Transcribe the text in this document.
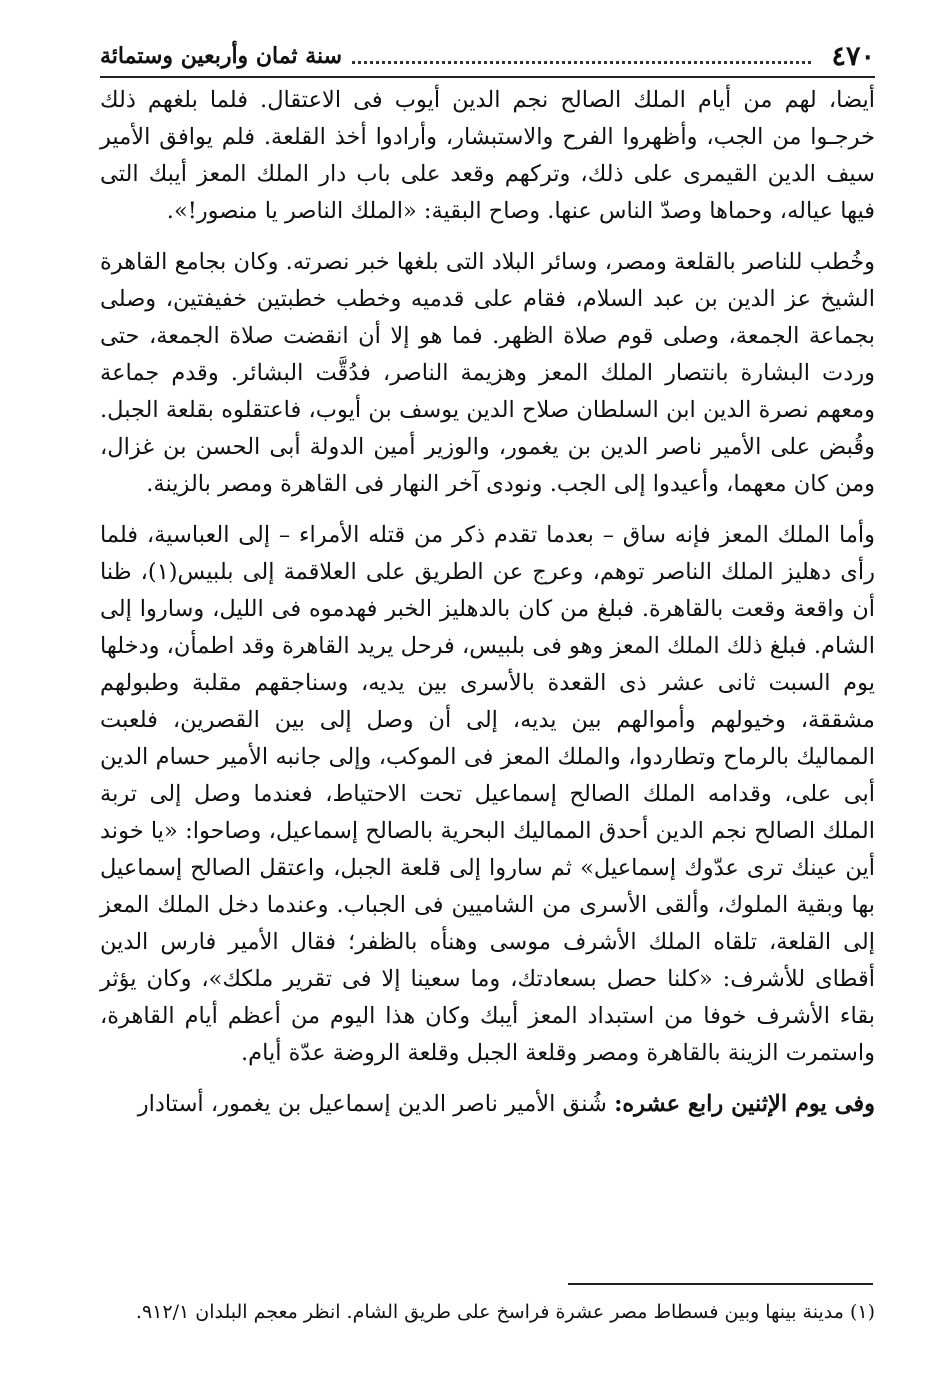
٤٧٠
سنة ثمان وأربعين وستمائة

أيضا، لهم من أيام الملك الصالح نجم الدين أيوب فى الاعتقال. فلما بلغهم ذلك خرجـوا من الجب، وأظهروا الفرح والاستبشار، وأرادوا أخذ القلعة. فلم يوافق الأمير سيف الدين القيمرى على ذلك، وتركهم وقعد على باب دار الملك المعز أيبك التى فيها عياله، وحماها وصدّ الناس عنها. وصاح البقية: «الملك الناصر يا منصور!».

وخُطب للناصر بالقلعة ومصر، وسائر البلاد التى بلغها خبر نصرته. وكان بجامع القاهرة الشيخ عز الدين بن عبد السلام، فقام على قدميه وخطب خطبتين خفيفتين، وصلى بجماعة الجمعة، وصلى قوم صلاة الظهر. فما هو إلا أن انقضت صلاة الجمعة، حتى وردت البشارة بانتصار الملك المعز وهزيمة الناصر، فدُقَّت البشائر. وقدم جماعة ومعهم نصرة الدين ابن السلطان صلاح الدين يوسف بن أيوب، فاعتقلوه بقلعة الجبل. وقُبض على الأمير ناصر الدين بن يغمور، والوزير أمين الدولة أبى الحسن بن غزال، ومن كان معهما، وأعيدوا إلى الجب. ونودى آخر النهار فى القاهرة ومصر بالزينة.

وأما الملك المعز فإنه ساق – بعدما تقدم ذكر من قتله الأمراء – إلى العباسية، فلما رأى دهليز الملك الناصر توهم، وعرج عن الطريق على العلاقمة إلى بلبيس(١)، ظنا أن واقعة وقعت بالقاهرة. فبلغ من كان بالدهليز الخبر فهدموه فى الليل، وساروا إلى الشام. فبلغ ذلك الملك المعز وهو فى بلبيس، فرحل يريد القاهرة وقد اطمأن، ودخلها يوم السبت ثانى عشر ذى القعدة بالأسرى بين يديه، وسناجقهم مقلبة وطبولهم مشققة، وخيولهم وأموالهم بين يديه، إلى أن وصل إلى بين القصرين، فلعبت المماليك بالرماح وتطاردوا، والملك المعز فى الموكب، وإلى جانبه الأمير حسام الدين أبى على، وقدامه الملك الصالح إسماعيل تحت الاحتياط، فعندما وصل إلى تربة الملك الصالح نجم الدين أحدق المماليك البحرية بالصالح إسماعيل، وصاحوا: «يا خوند أين عينك ترى عدّوك إسماعيل» ثم ساروا إلى قلعة الجبل، واعتقل الصالح إسماعيل بها وبقية الملوك، وألقى الأسرى من الشاميين فى الجباب. وعندما دخل الملك المعز إلى القلعة، تلقاه الملك الأشرف موسى وهنأه بالظفر؛ فقال الأمير فارس الدين أقطاى للأشرف: «كلنا حصل بسعادتك، وما سعينا إلا فى تقرير ملكك»، وكان يؤثر بقاء الأشرف خوفا من استبداد المعز أيبك وكان هذا اليوم من أعظم أيام القاهرة، واستمرت الزينة بالقاهرة ومصر وقلعة الجبل وقلعة الروضة عدّة أيام.

وفى يوم الإثنين رابع عشره: شُنق الأمير ناصر الدين إسماعيل بن يغمور، أستادار

(١) مدينة بينها وبين فسطاط مصر عشرة فراسخ على طريق الشام. انظر معجم البلدان ٩١٢/١.
